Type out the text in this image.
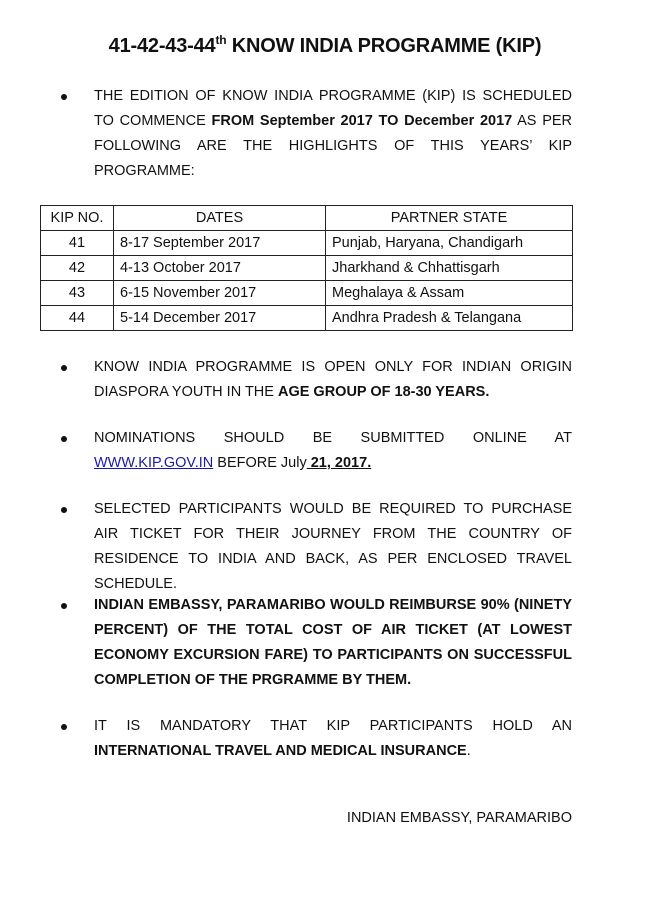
41-42-43-44th KNOW INDIA PROGRAMME (KIP)
THE EDITION OF KNOW INDIA PROGRAMME (KIP) IS SCHEDULED TO COMMENCE FROM September 2017 TO December 2017 AS PER FOLLOWING ARE THE HIGHLIGHTS OF THIS YEARS’ KIP PROGRAMME:
KIP NO.	DATES	PARTNER STATE
41	8-17 September 2017	Punjab, Haryana, Chandigarh
42	4-13 October 2017	Jharkhand & Chhattisgarh
43	6-15 November 2017	Meghalaya & Assam
44	5-14 December 2017	Andhra Pradesh & Telangana
KNOW INDIA PROGRAMME IS OPEN ONLY FOR INDIAN ORIGIN DIASPORA YOUTH IN THE AGE GROUP OF 18-30 YEARS.
NOMINATIONS SHOULD BE SUBMITTED ONLINE AT WWW.KIP.GOV.IN BEFORE July 21, 2017.
SELECTED PARTICIPANTS WOULD BE REQUIRED TO PURCHASE AIR TICKET FOR THEIR JOURNEY FROM THE COUNTRY OF RESIDENCE TO INDIA AND BACK, AS PER ENCLOSED TRAVEL SCHEDULE.
INDIAN EMBASSY, PARAMARIBO WOULD REIMBURSE 90% (NINETY PERCENT) OF THE TOTAL COST OF AIR TICKET (AT LOWEST ECONOMY EXCURSION FARE) TO PARTICIPANTS ON SUCCESSFUL COMPLETION OF THE PRGRAMME BY THEM.
IT IS MANDATORY THAT KIP PARTICIPANTS HOLD AN INTERNATIONAL TRAVEL AND MEDICAL INSURANCE.
INDIAN EMBASSY, PARAMARIBO
